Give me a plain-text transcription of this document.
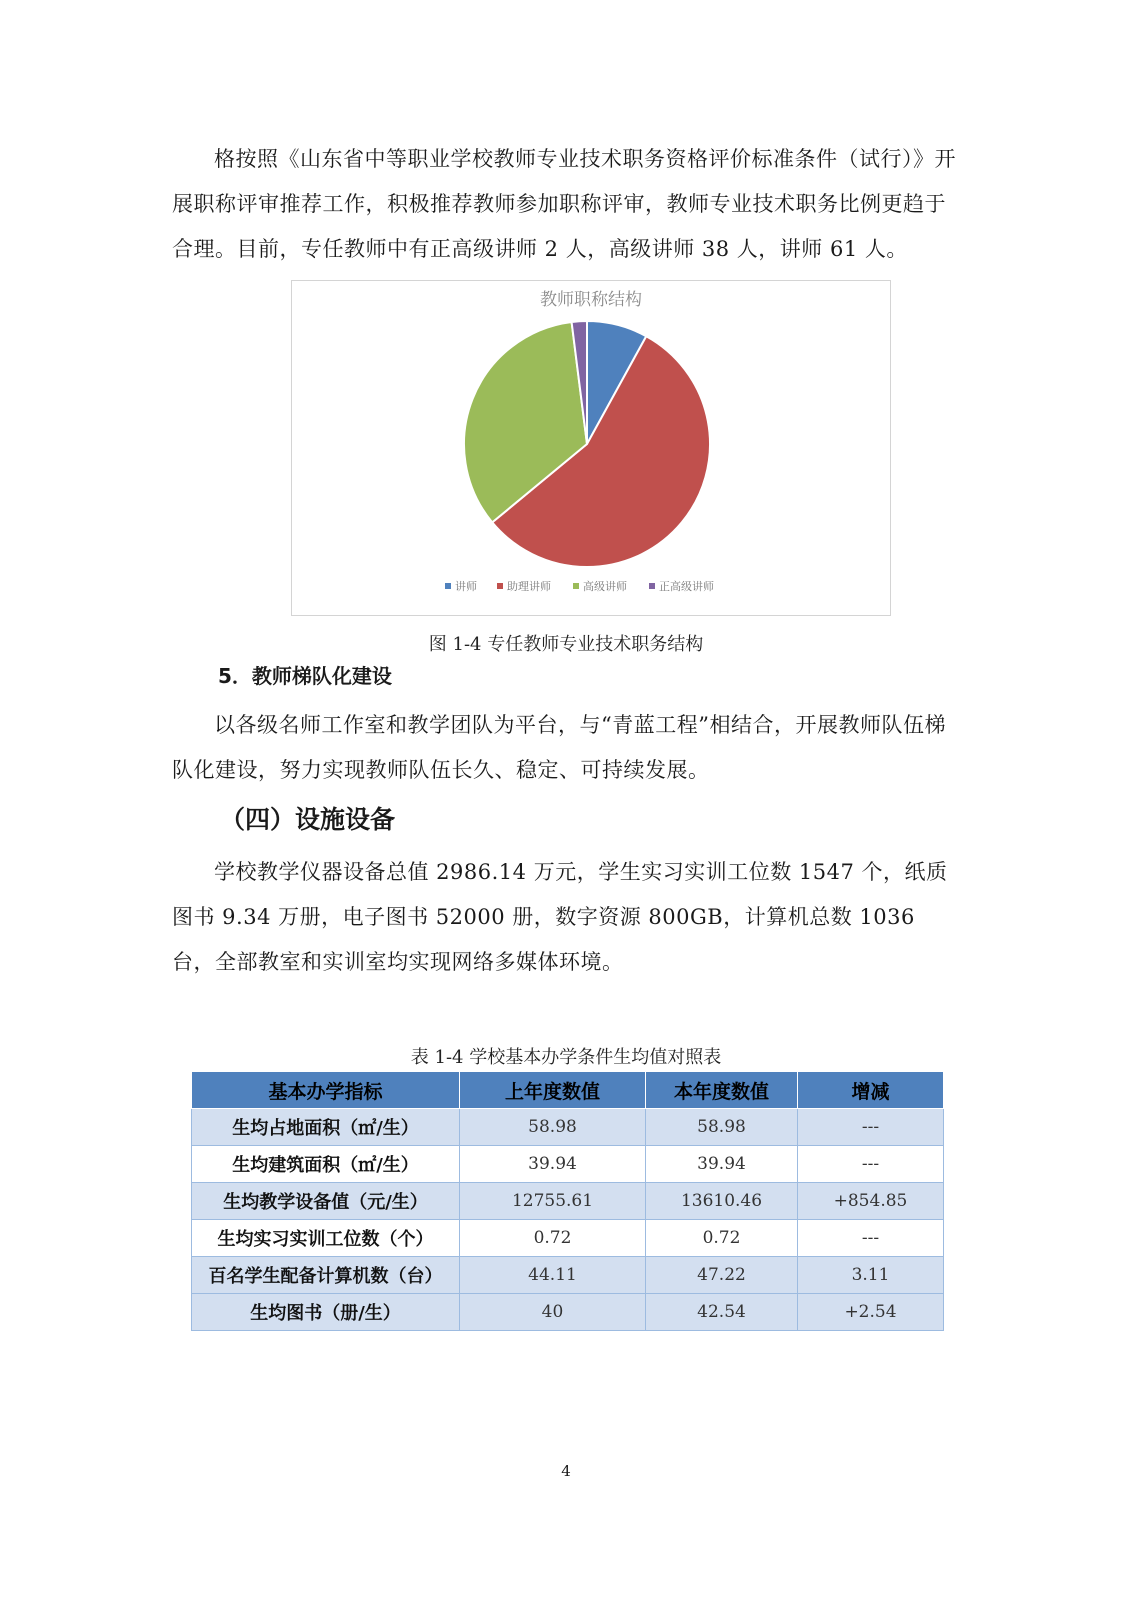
格按照《山东省中等职业学校教师专业技术职务资格评价标准条件（试行）》开展职称评审推荐工作，积极推荐教师参加职称评审，教师专业技术职务比例更趋于合理。目前，专任教师中有正高级讲师 2 人，高级讲师 38 人，讲师 61 人。

教师职称结构
讲师	助理讲师	高级讲师	正高级讲师

图 1-4 专任教师专业技术职务结构

5．教师梯队化建设

以各级名师工作室和教学团队为平台，与“青蓝工程”相结合，开展教师队伍梯队化建设，努力实现教师队伍长久、稳定、可持续发展。

（四）设施设备

学校教学仪器设备总值 2986.14 万元，学生实习实训工位数 1547 个，纸质图书 9.34 万册，电子图书 52000 册，数字资源 800GB，计算机总数 1036 台，全部教室和实训室均实现网络多媒体环境。

表 1-4 学校基本办学条件生均值对照表

基本办学指标	上年度数值	本年度数值	增减
生均占地面积（㎡/生）	58.98	58.98	---
生均建筑面积（㎡/生）	39.94	39.94	---
生均教学设备值（元/生）	12755.61	13610.46	+854.85
生均实习实训工位数（个）	0.72	0.72	---
百名学生配备计算机数（台）	44.11	47.22	3.11
生均图书（册/生）	40	42.54	+2.54

4
